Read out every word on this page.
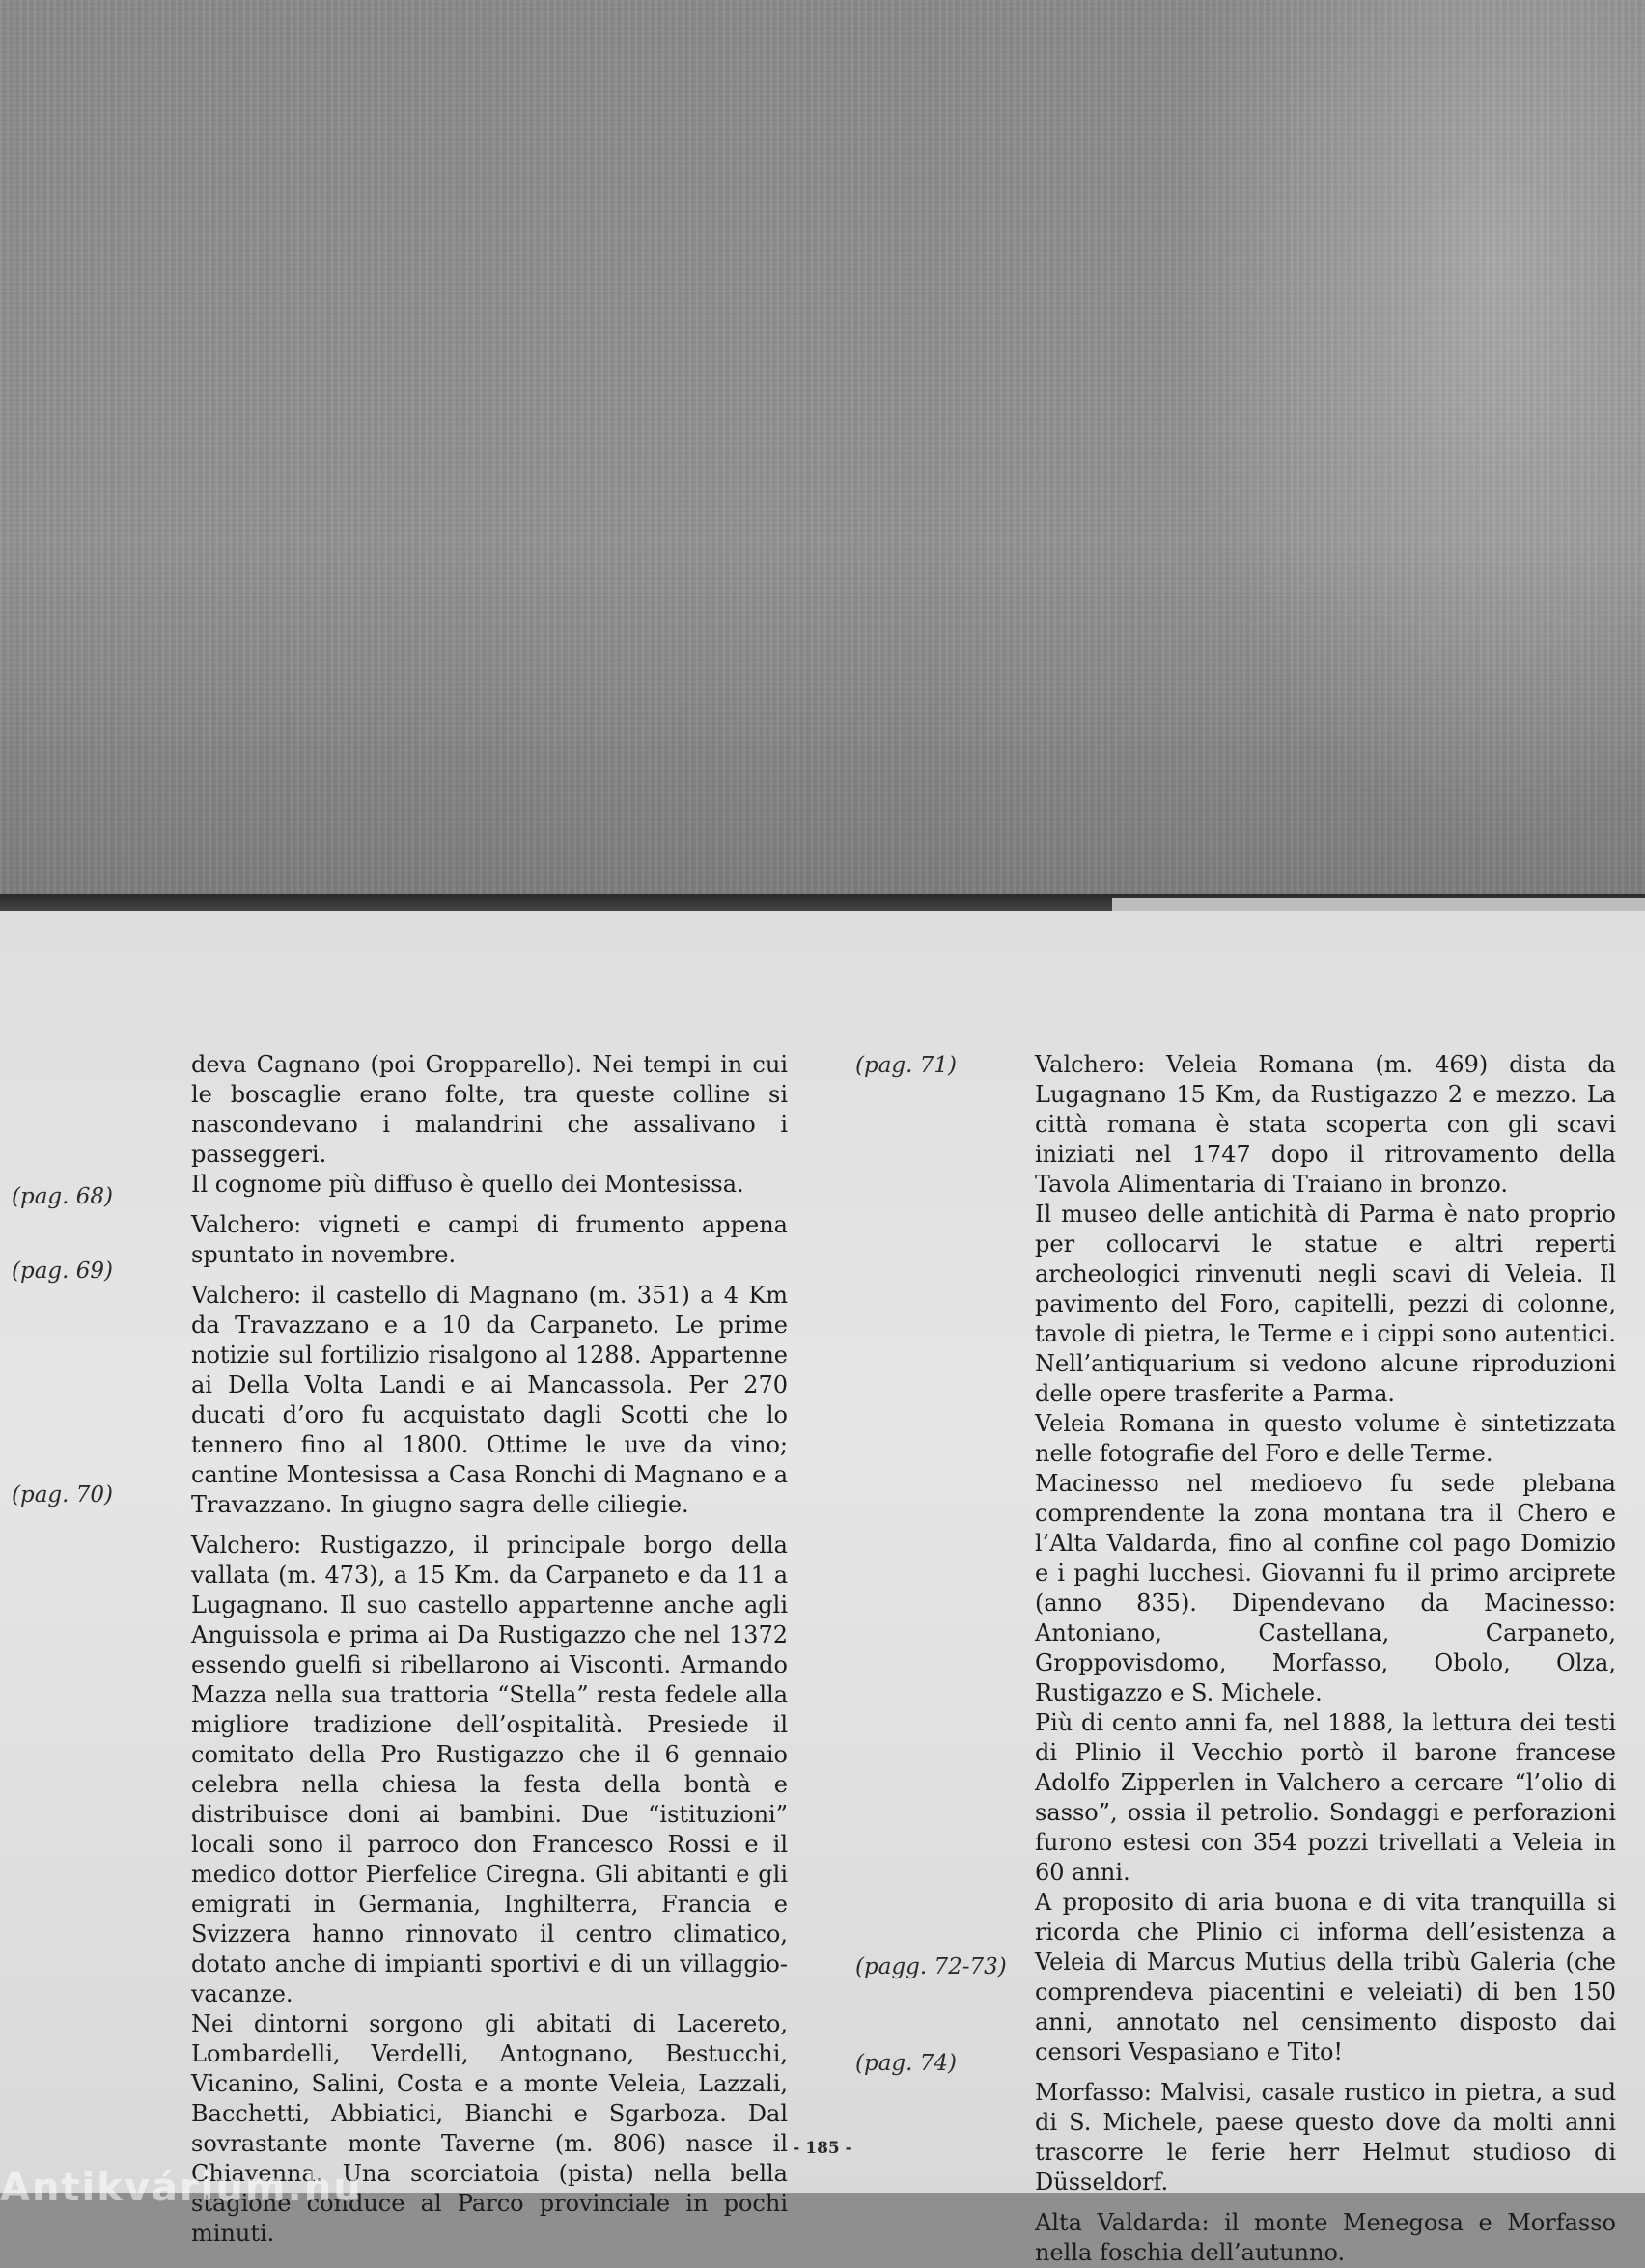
(pag. 68)
(pag. 69)
(pag. 70)
(pag. 71)
(pagg. 72-73)
(pag. 74)

deva Cagnano (poi Gropparello). Nei tempi in cui le boscaglie erano folte, tra queste colline si nascondevano i malandrini che assalivano i passeggeri.

Il cognome più diffuso è quello dei Montesissa.

Valchero: vigneti e campi di frumento appena spuntato in novembre.

Valchero: il castello di Magnano (m. 351) a 4 Km da Travazzano e a 10 da Carpaneto. Le prime notizie sul fortilizio risalgono al 1288. Appartenne ai Della Volta Landi e ai Mancassola. Per 270 ducati d’oro fu acquistato dagli Scotti che lo tennero fino al 1800. Ottime le uve da vino; cantine Montesissa a Casa Ronchi di Magnano e a Travazzano. In giugno sagra delle ciliegie.

Valchero: Rustigazzo, il principale borgo della vallata (m. 473), a 15 Km. da Carpaneto e da 11 a Lugagnano. Il suo castello appartenne anche agli Anguissola e prima ai Da Rustigazzo che nel 1372 essendo guelfi si ribellarono ai Visconti. Armando Mazza nella sua trattoria “Stella” resta fedele alla migliore tradizione dell’ospitalità. Presiede il comitato della Pro Rustigazzo che il 6 gennaio celebra nella chiesa la festa della bontà e distribuisce doni ai bambini. Due “istituzioni” locali sono il parroco don Francesco Rossi e il medico dottor Pierfelice Ciregna. Gli abitanti e gli emigrati in Germania, Inghilterra, Francia e Svizzera hanno rinnovato il centro climatico, dotato anche di impianti sportivi e di un villaggio-vacanze.

Nei dintorni sorgono gli abitati di Lacereto, Lombardelli, Verdelli, Antognano, Bestucchi, Vicanino, Salini, Costa e a monte Veleia, Lazzali, Bacchetti, Abbiatici, Bianchi e Sgarboza. Dal sovrastante monte Taverne (m. 806) nasce il Chiavenna. Una scorciatoia (pista) nella bella stagione conduce al Parco provinciale in pochi minuti.

Valchero: Veleia Romana (m. 469) dista da Lugagnano 15 Km, da Rustigazzo 2 e mezzo. La città romana è stata scoperta con gli scavi iniziati nel 1747 dopo il ritrovamento della Tavola Alimentaria di Traiano in bronzo.

Il museo delle antichità di Parma è nato proprio per collocarvi le statue e altri reperti archeologici rinvenuti negli scavi di Veleia. Il pavimento del Foro, capitelli, pezzi di colonne, tavole di pietra, le Terme e i cippi sono autentici. Nell’antiquarium si vedono alcune riproduzioni delle opere trasferite a Parma.

Veleia Romana in questo volume è sintetizzata nelle fotografie del Foro e delle Terme.

Macinesso nel medioevo fu sede plebana comprendente la zona montana tra il Chero e l’Alta Valdarda, fino al confine col pago Domizio e i paghi lucchesi. Giovanni fu il primo arciprete (anno 835). Dipendevano da Macinesso: Antoniano, Castellana, Carpaneto, Groppovisdomo, Morfasso, Obolo, Olza, Rustigazzo e S. Michele.

Più di cento anni fa, nel 1888, la lettura dei testi di Plinio il Vecchio portò il barone francese Adolfo Zipperlen in Valchero a cercare “l’olio di sasso”, ossia il petrolio. Sondaggi e perforazioni furono estesi con 354 pozzi trivellati a Veleia in 60 anni.

A proposito di aria buona e di vita tranquilla si ricorda che Plinio ci informa dell’esistenza a Veleia di Marcus Mutius della tribù Galeria (che comprendeva piacentini e veleiati) di ben 150 anni, annotato nel censimento disposto dai censori Vespasiano e Tito!

Morfasso: Malvisi, casale rustico in pietra, a sud di S. Michele, paese questo dove da molti anni trascorre le ferie herr Helmut studioso di Düsseldorf.

Alta Valdarda: il monte Menegosa e Morfasso nella foschia dell’autunno.

- 185 -
Antikvárium.hu
